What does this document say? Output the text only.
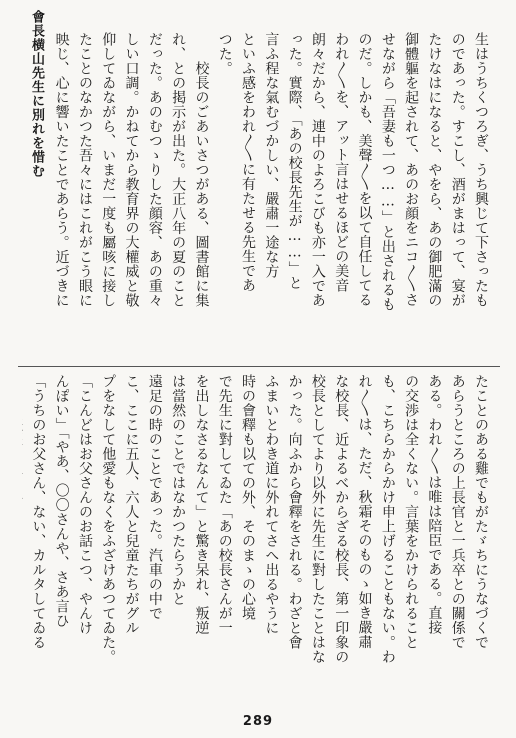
會長横山先生に別れを惜む	生はうちくつろぎ、うち興じて下さったも
のであった。すこし、酒がまはって、宴が
たけなはになると、やをら、あの御肥滿の
御體軀を起されて、あのお顔をニコ〳〵さ
せながら「吾妻も一つ……」と出されるも
のだ。しかも、美聲〳〵を以て自任してる
われ〳〵を、アット言はせるほどの美音
朗々だから、連中のよろこびも亦一入であ
った。實際、「あの校長先生が……」と
言ふ程な氣むづかしい、嚴肅一途な方
といふ感をわれ〳〵に有たせる先生であ
つた。
　　校長のごあいさつがある、圖書館に集
れ、との掲示が出た。大正八年の夏のこと
だった。あのむつゝりした顔容、あの重々
しい口調。かねてから教育界の大權威と敬
仰してゐながら、いまだ一度も屬咳に接し
たことのなかつた吾々にはこれがこう眼に
映じ、心に響いたことであらう。近づきに

たことのある雞でもがたゞちにうなづくで
あらうところの上長官と一兵卒との關係で
ある。われ〳〵は唯は陪臣である。直接
の交渉は全くない。言葉をかけられること
も、こちらからかけ申上げることもない。わ
れ〳〵は、ただ、秋霜そのものゝ如き嚴肅
な校長、近よるべからざる校長、第一印象の
校長としてより以外に先生に對したことはな
かった。向ふから會釋をされる。わざと會
ふまいとわき道に外れてさへ出るやうに
時の會釋も以ての外、そのまゝの心境
で先生に對してゐた「あの校長さんが一
を出しなさるなんて」と驚き呆れ、叛逆
は當然のことではなかつたらうかと
遠足の時のことであった。汽車の中で
こ、ここに五人、六人と兒童たちがグル
プをなして他愛もなくをふざけあつてゐた。
「こんどはお父さんのお話こつ、やんけ
んぽい」「やあ、〇〇さんや、さあ言ひ
「うちのお父さん、ない、カルタしてゐる

289
